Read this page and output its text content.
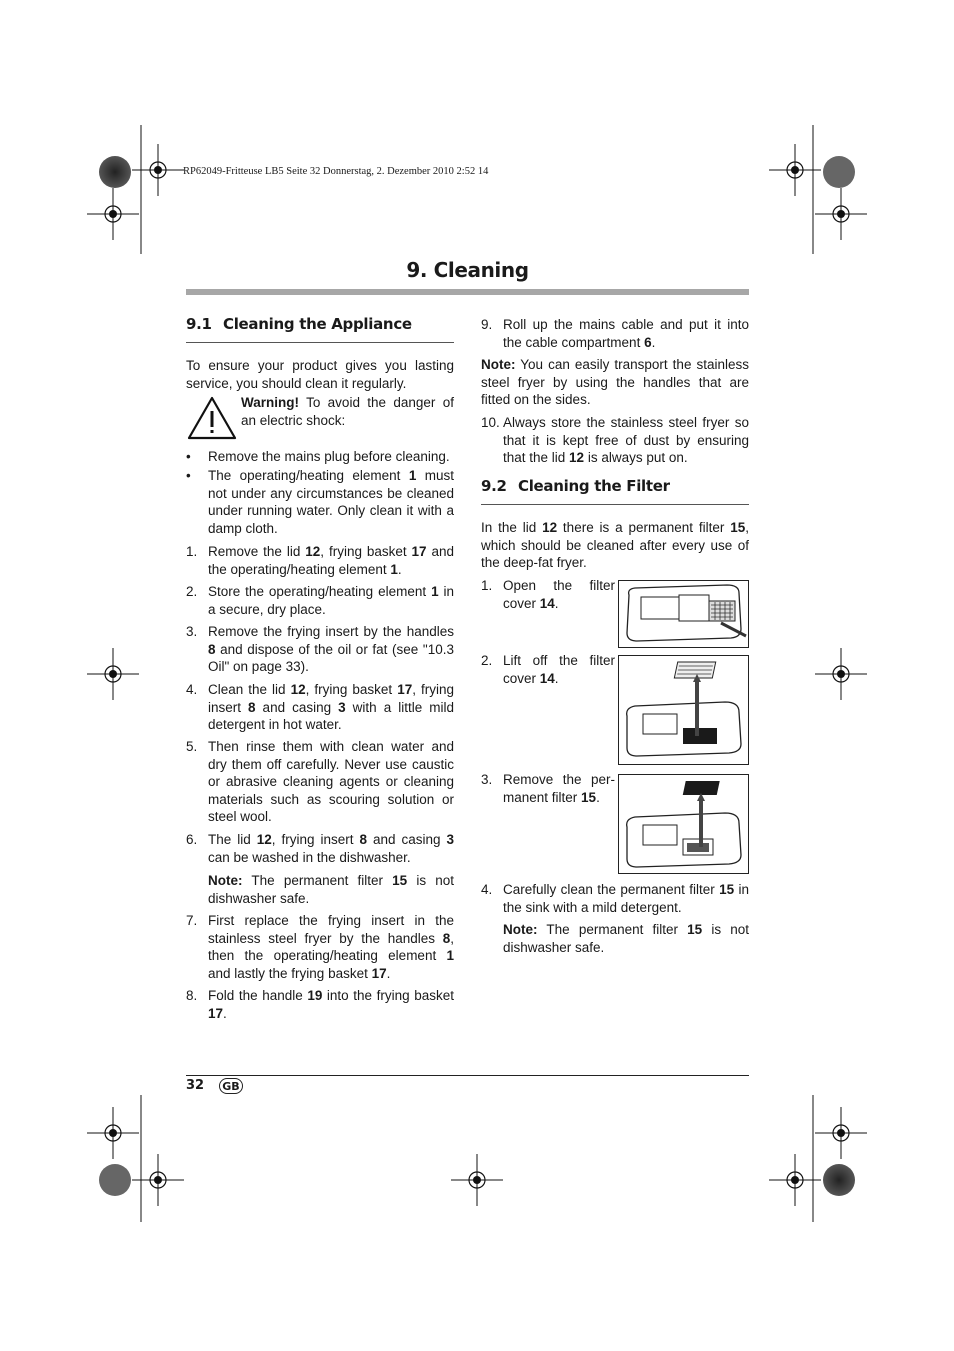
RP62049-Fritteuse LB5 Seite 32 Donnerstag, 2. Dezember 2010 2:52 14
9. Cleaning
9.1 Cleaning the Appliance
To ensure your product gives you lasting service, you should clean it regularly.
Warning! To avoid the danger of an electric shock:
• Remove the mains plug before cleaning.
• The operating/heating element 1 must not under any circumstances be cleaned under running water. Only clean it with a damp cloth.
1. Remove the lid 12, frying basket 17 and the operating/heating element 1.
2. Store the operating/heating element 1 in a secure, dry place.
3. Remove the frying insert by the handles 8 and dispose of the oil or fat (see "10.3 Oil" on page 33).
4. Clean the lid 12, frying basket 17, frying insert 8 and casing 3 with a little mild detergent in hot water.
5. Then rinse them with clean water and dry them off carefully. Never use caustic or abrasive cleaning agents or cleaning materials such as scouring solution or steel wool.
6. The lid 12, frying insert 8 and casing 3 can be washed in the dishwasher.
Note: The permanent filter 15 is not dishwasher safe.
7. First replace the frying insert in the stainless steel fryer by the handles 8, then the operating/heating element 1 and lastly the frying basket 17.
8. Fold the handle 19 into the frying basket 17.
9. Roll up the mains cable and put it into the cable compartment 6.
Note: You can easily transport the stainless steel fryer by using the handles that are fitted on the sides.
10. Always store the stainless steel fryer so that it is kept free of dust by ensuring that the lid 12 is always put on.
9.2 Cleaning the Filter
In the lid 12 there is a permanent filter 15, which should be cleaned after every use of the deep-fat fryer.
1. Open the filter cover 14.
2. Lift off the filter cover 14.
3. Remove the per-manent filter 15.
4. Carefully clean the permanent filter 15 in the sink with a mild detergent.
Note: The permanent filter 15 is not dishwasher safe.
32 GB
